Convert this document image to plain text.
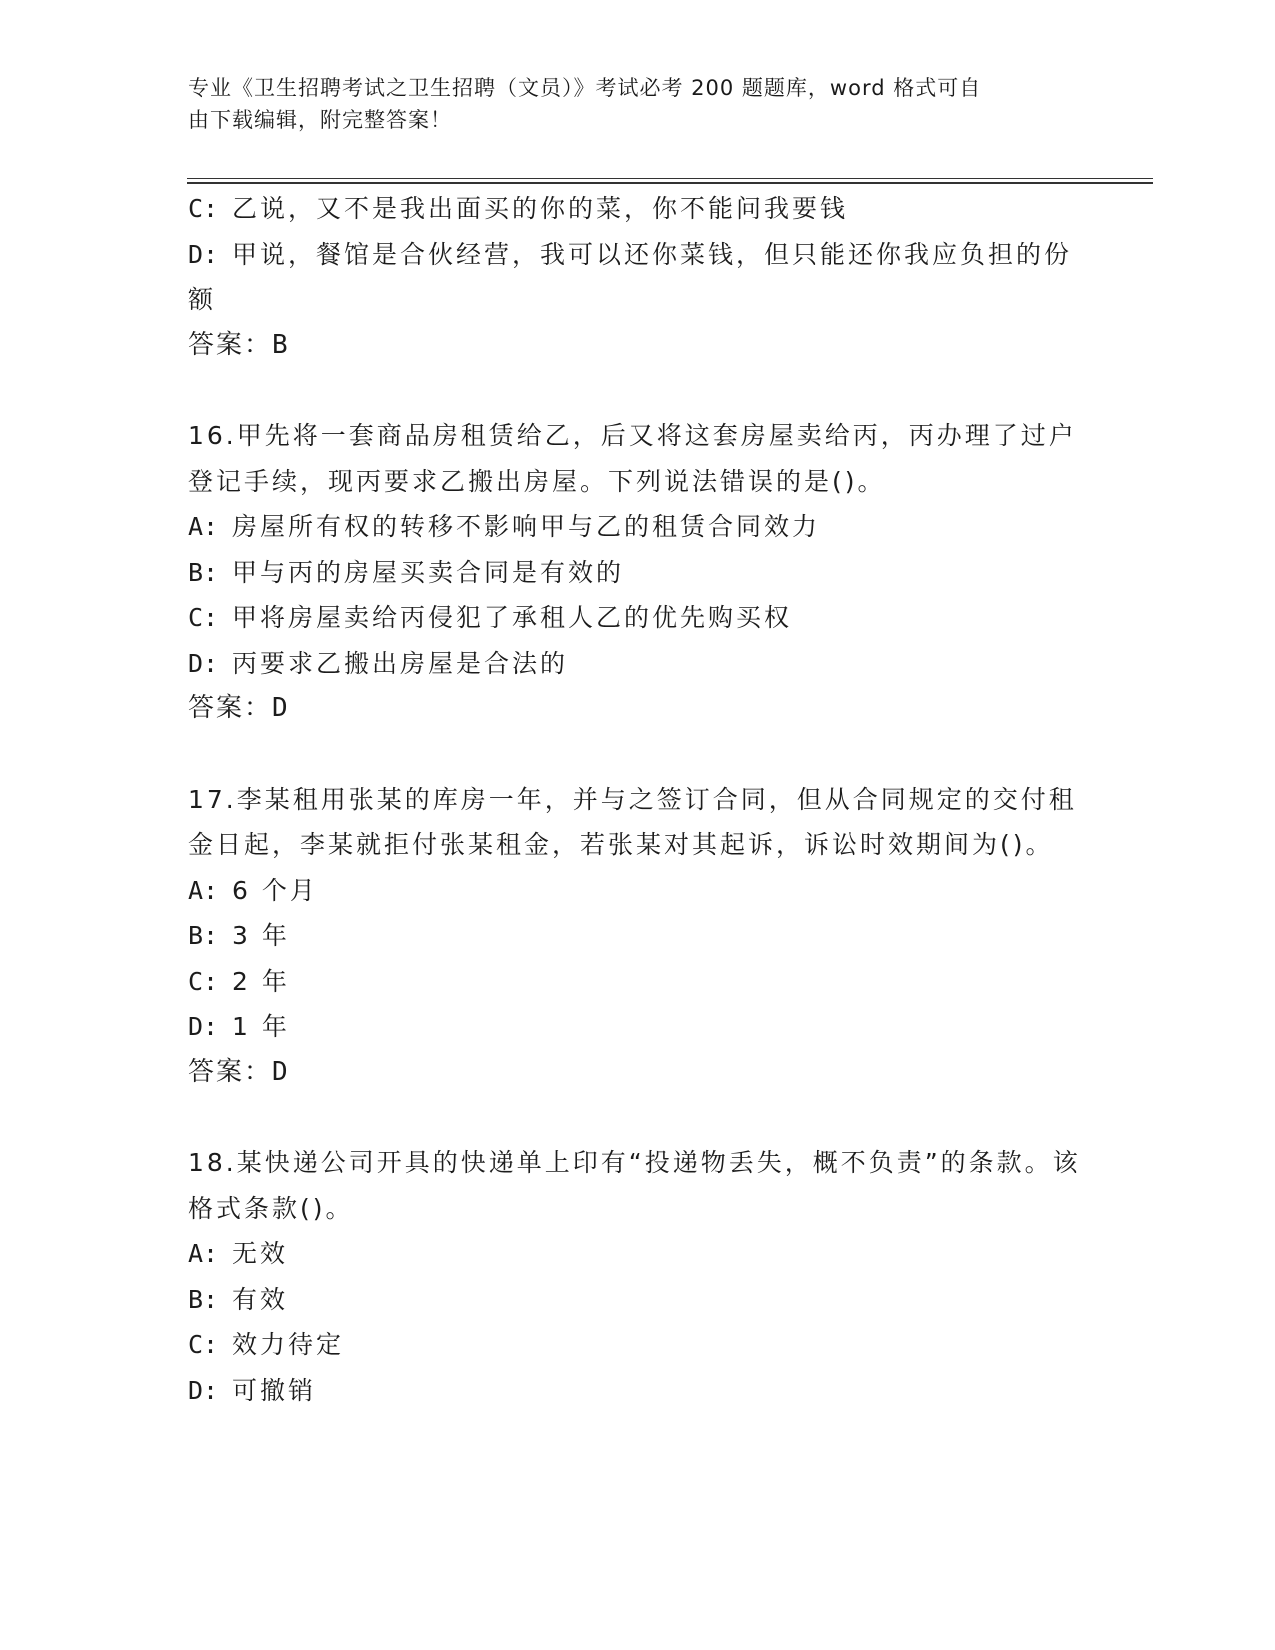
专业《卫生招聘考试之卫生招聘（文员）》考试必考 200 题题库，word 格式可自
由下载编辑，附完整答案！

C: 乙说，又不是我出面买的你的菜，你不能问我要钱

D: 甲说，餐馆是合伙经营，我可以还你菜钱，但只能还你我应负担的份额

答案：B

16.甲先将一套商品房租赁给乙，后又将这套房屋卖给丙，丙办理了过户登记手续，现丙要求乙搬出房屋。下列说法错误的是()。

A: 房屋所有权的转移不影响甲与乙的租赁合同效力

B: 甲与丙的房屋买卖合同是有效的

C: 甲将房屋卖给丙侵犯了承租人乙的优先购买权

D: 丙要求乙搬出房屋是合法的

答案：D

17.李某租用张某的库房一年，并与之签订合同，但从合同规定的交付租金日起，李某就拒付张某租金，若张某对其起诉，诉讼时效期间为()。

A: 6 个月

B: 3 年

C: 2 年

D: 1 年

答案：D

18.某快递公司开具的快递单上印有“投递物丢失，概不负责”的条款。该格式条款()。

A: 无效

B: 有效

C: 效力待定

D: 可撤销
